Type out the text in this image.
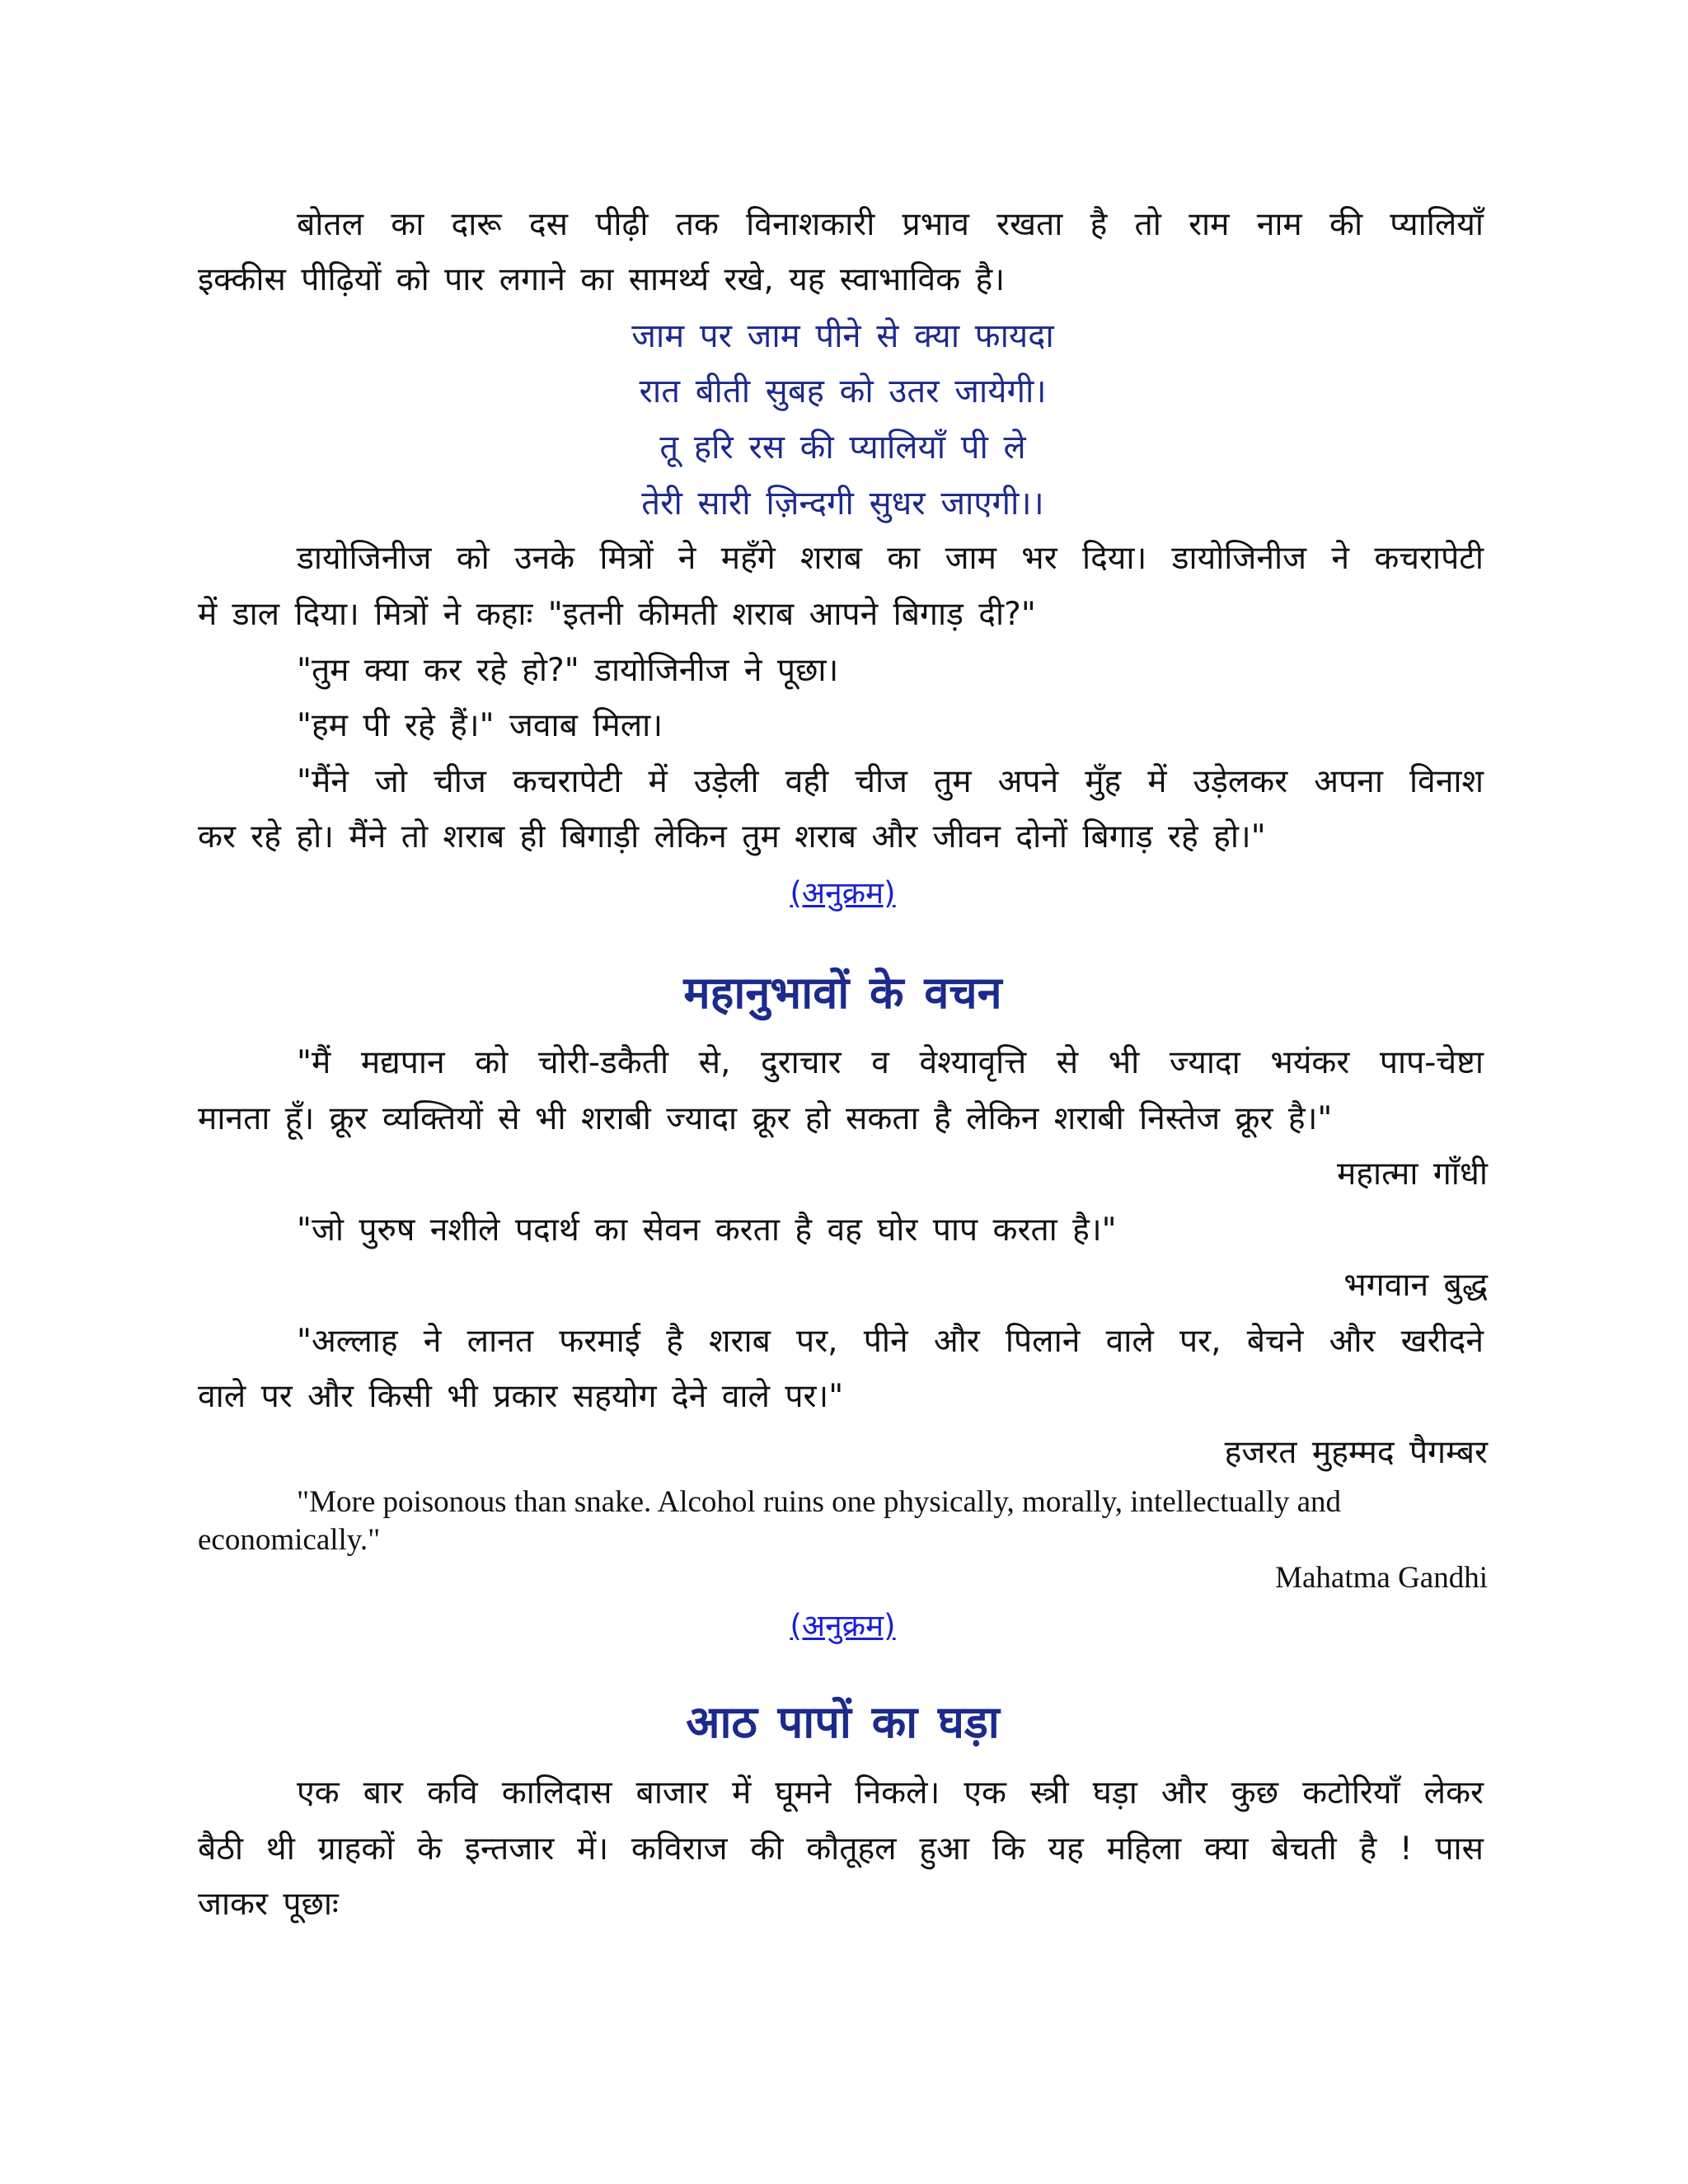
बोतल का दारू दस पीढ़ी तक विनाशकारी प्रभाव रखता है तो राम नाम की प्यालियाँ
इक्कीस पीढ़ियों को पार लगाने का सामर्थ्य रखे, यह स्वाभाविक है।
जाम पर जाम पीने से क्या फायदा
रात बीती सुबह को उतर जायेगी।
तू हरि रस की प्यालियाँ पी ले
तेरी सारी ज़िन्दगी सुधर जाएगी।।
डायोजिनीज को उनके मित्रों ने महँगे शराब का जाम भर दिया। डायोजिनीज ने कचरापेटी
में डाल दिया। मित्रों ने कहाः "इतनी कीमती शराब आपने बिगाड़ दी?"
"तुम क्या कर रहे हो?" डायोजिनीज ने पूछा।
"हम पी रहे हैं।" जवाब मिला।
"मैंने जो चीज कचरापेटी में उड़ेली वही चीज तुम अपने मुँह में उड़ेलकर अपना विनाश
कर रहे हो। मैंने तो शराब ही बिगाड़ी लेकिन तुम शराब और जीवन दोनों बिगाड़ रहे हो।"
(अनुक्रम)
महानुभावों के वचन
"मैं मद्यपान को चोरी-डकैती से, दुराचार व वेश्यावृत्ति से भी ज्यादा भयंकर पाप-चेष्टा
मानता हूँ। क्रूर व्यक्तियों से भी शराबी ज्यादा क्रूर हो सकता है लेकिन शराबी निस्तेज क्रूर है।"
महात्मा गाँधी
"जो पुरुष नशीले पदार्थ का सेवन करता है वह घोर पाप करता है।"
भगवान बुद्ध
"अल्लाह ने लानत फरमाई है शराब पर, पीने और पिलाने वाले पर, बेचने और खरीदने
वाले पर और किसी भी प्रकार सहयोग देने वाले पर।"
हजरत मुहम्मद पैगम्बर
"More poisonous than snake. Alcohol ruins one physically, morally, intellectually and
economically."
Mahatma Gandhi
(अनुक्रम)
आठ पापों का घड़ा
एक बार कवि कालिदास बाजार में घूमने निकले। एक स्त्री घड़ा और कुछ कटोरियाँ लेकर
बैठी थी ग्राहकों के इन्तजार में। कविराज की कौतूहल हुआ कि यह महिला क्या बेचती है ! पास
जाकर पूछाः
